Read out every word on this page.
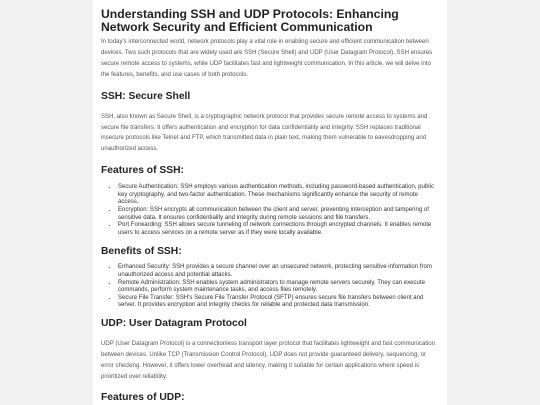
Understanding SSH and UDP Protocols: Enhancing Network Security and Efficient Communication

In today's interconnected world, network protocols play a vital role in enabling secure and efficient communication between devices. Two such protocols that are widely used are SSH (Secure Shell) and UDP (User Datagram Protocol). SSH ensures secure remote access to systems, while UDP facilitates fast and lightweight communication. In this article, we will delve into the features, benefits, and use cases of both protocols.

SSH: Secure Shell

SSH, also known as Secure Shell, is a cryptographic network protocol that provides secure remote access to systems and secure file transfers. It offers authentication and encryption for data confidentiality and integrity. SSH replaces traditional insecure protocols like Telnet and FTP, which transmitted data in plain text, making them vulnerable to eavesdropping and unauthorized access.

Features of SSH:
• Secure Authentication: SSH employs various authentication methods, including password-based authentication, public key cryptography, and two-factor authentication. These mechanisms significantly enhance the security of remote access.
• Encryption: SSH encrypts all communication between the client and server, preventing interception and tampering of sensitive data. It ensures confidentiality and integrity during remote sessions and file transfers.
• Port Forwarding: SSH allows secure tunneling of network connections through encrypted channels. It enables remote users to access services on a remote server as if they were locally available.
Benefits of SSH:
• Enhanced Security: SSH provides a secure channel over an unsecured network, protecting sensitive information from unauthorized access and potential attacks.
• Remote Administration: SSH enables system administrators to manage remote servers securely. They can execute commands, perform system maintenance tasks, and access files remotely.
• Secure File Transfer: SSH's Secure File Transfer Protocol (SFTP) ensures secure file transfers between client and server. It provides encryption and integrity checks for reliable and protected data transmission.
UDP: User Datagram Protocol

UDP (User Datagram Protocol) is a connectionless transport layer protocol that facilitates lightweight and fast communication between devices. Unlike TCP (Transmission Control Protocol), UDP does not provide guaranteed delivery, sequencing, or error checking. However, it offers lower overhead and latency, making it suitable for certain applications where speed is prioritized over reliability.

Features of UDP:
